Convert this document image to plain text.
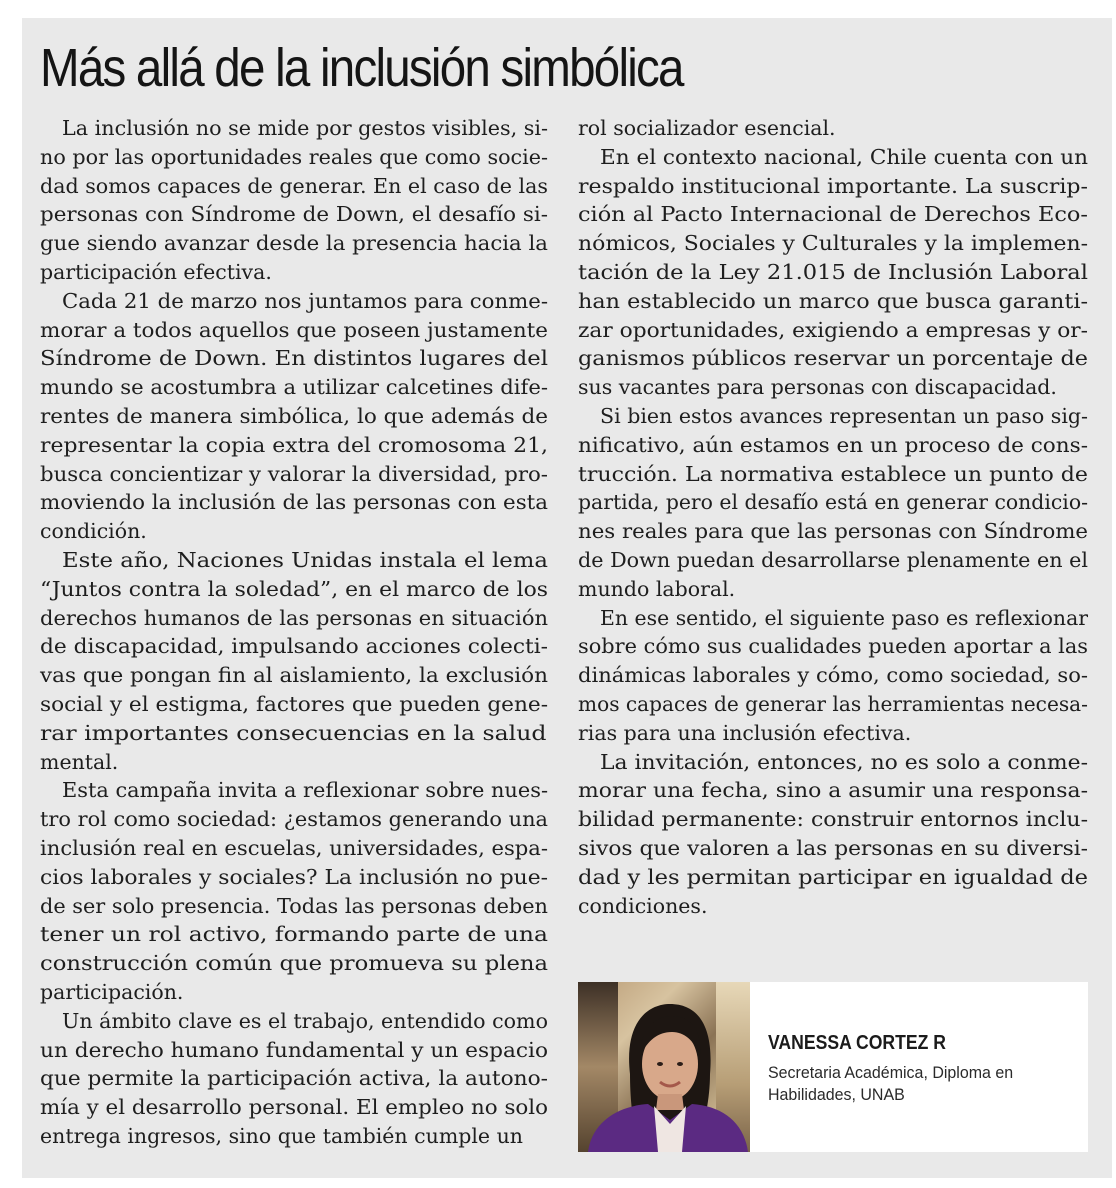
Más allá de la inclusión simbólica

La inclusión no se mide por gestos visibles, si-
no por las oportunidades reales que como socie-
dad somos capaces de generar. En el caso de las
personas con Síndrome de Down, el desafío si-
gue siendo avanzar desde la presencia hacia la
participación efectiva.

Cada 21 de marzo nos juntamos para conme-
morar a todos aquellos que poseen justamente
Síndrome de Down. En distintos lugares del
mundo se acostumbra a utilizar calcetines dife-
rentes de manera simbólica, lo que además de
representar la copia extra del cromosoma 21,
busca concientizar y valorar la diversidad, pro-
moviendo la inclusión de las personas con esta
condición.

Este año, Naciones Unidas instala el lema
“Juntos contra la soledad”, en el marco de los
derechos humanos de las personas en situación
de discapacidad, impulsando acciones colecti-
vas que pongan fin al aislamiento, la exclusión
social y el estigma, factores que pueden gene-
rar importantes consecuencias en la salud
mental.

Esta campaña invita a reflexionar sobre nues-
tro rol como sociedad: ¿estamos generando una
inclusión real en escuelas, universidades, espa-
cios laborales y sociales? La inclusión no pue-
de ser solo presencia. Todas las personas deben
tener un rol activo, formando parte de una
construcción común que promueva su plena
participación.

Un ámbito clave es el trabajo, entendido como
un derecho humano fundamental y un espacio
que permite la participación activa, la autono-
mía y el desarrollo personal. El empleo no solo
entrega ingresos, sino que también cumple un

rol socializador esencial.

En el contexto nacional, Chile cuenta con un
respaldo institucional importante. La suscrip-
ción al Pacto Internacional de Derechos Eco-
nómicos, Sociales y Culturales y la implemen-
tación de la Ley 21.015 de Inclusión Laboral
han establecido un marco que busca garanti-
zar oportunidades, exigiendo a empresas y or-
ganismos públicos reservar un porcentaje de
sus vacantes para personas con discapacidad.

Si bien estos avances representan un paso sig-
nificativo, aún estamos en un proceso de cons-
trucción. La normativa establece un punto de
partida, pero el desafío está en generar condicio-
nes reales para que las personas con Síndrome
de Down puedan desarrollarse plenamente en el
mundo laboral.

En ese sentido, el siguiente paso es reflexionar
sobre cómo sus cualidades pueden aportar a las
dinámicas laborales y cómo, como sociedad, so-
mos capaces de generar las herramientas necesa-
rias para una inclusión efectiva.

La invitación, entonces, no es solo a conme-
morar una fecha, sino a asumir una responsa-
bilidad permanente: construir entornos inclu-
sivos que valoren a las personas en su diversi-
dad y les permitan participar en igualdad de
condiciones.

VANESSA CORTEZ R
Secretaria Académica, Diploma en
Habilidades, UNAB
